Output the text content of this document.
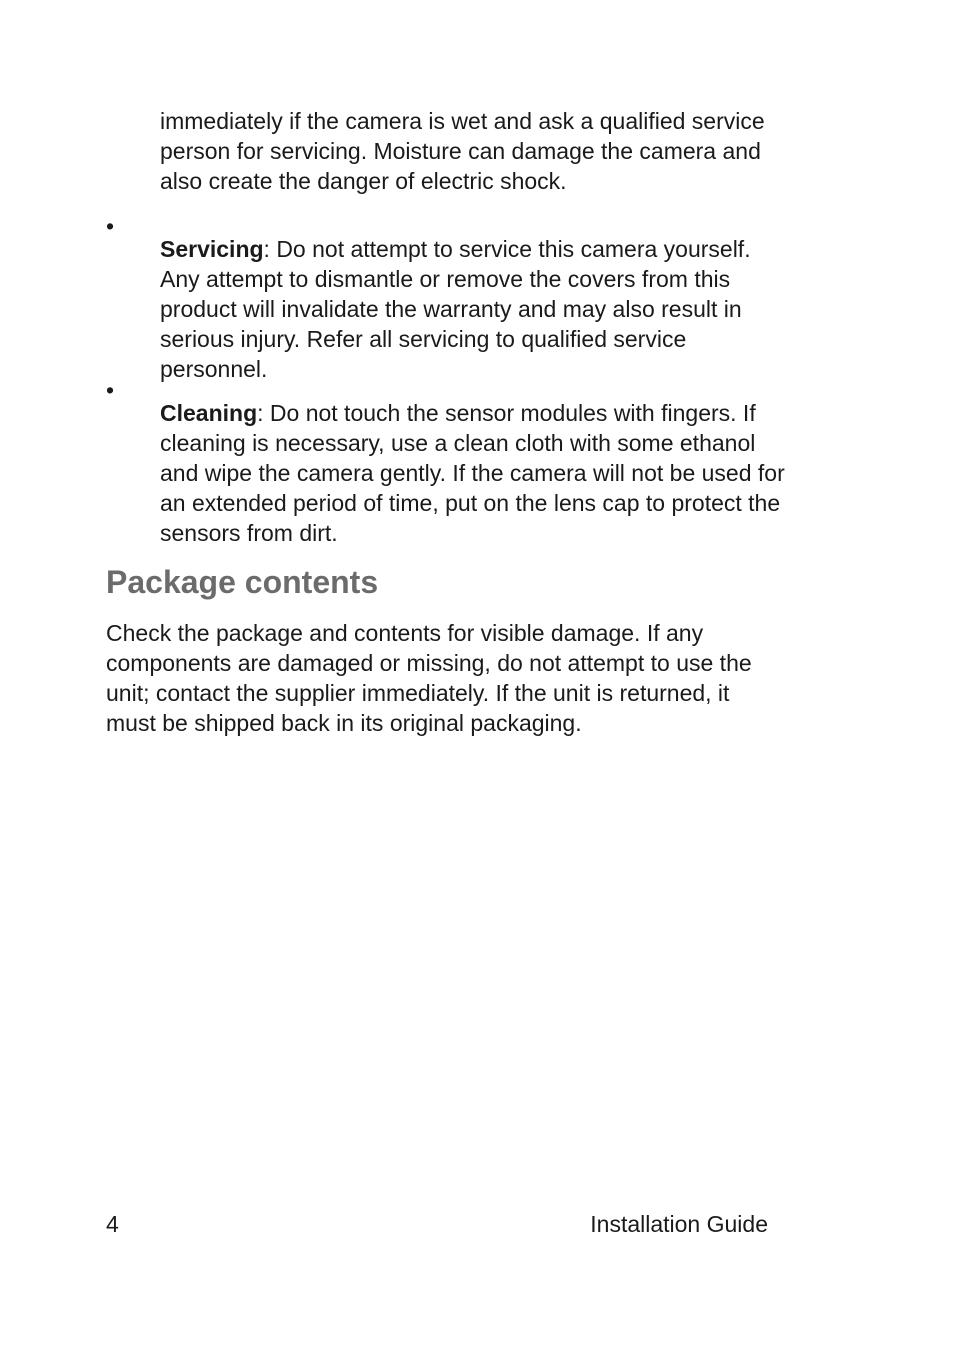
immediately if the camera is wet and ask a qualified service person for servicing. Moisture can damage the camera and also create the danger of electric shock.

•

Servicing: Do not attempt to service this camera yourself. Any attempt to dismantle or remove the covers from this product will invalidate the warranty and may also result in serious injury. Refer all servicing to qualified service personnel.

•

Cleaning: Do not touch the sensor modules with fingers. If cleaning is necessary, use a clean cloth with some ethanol and wipe the camera gently. If the camera will not be used for an extended period of time, put on the lens cap to protect the sensors from dirt.

Package contents

Check the package and contents for visible damage. If any components are damaged or missing, do not attempt to use the unit; contact the supplier immediately. If the unit is returned, it must be shipped back in its original packaging.

4	Installation Guide
